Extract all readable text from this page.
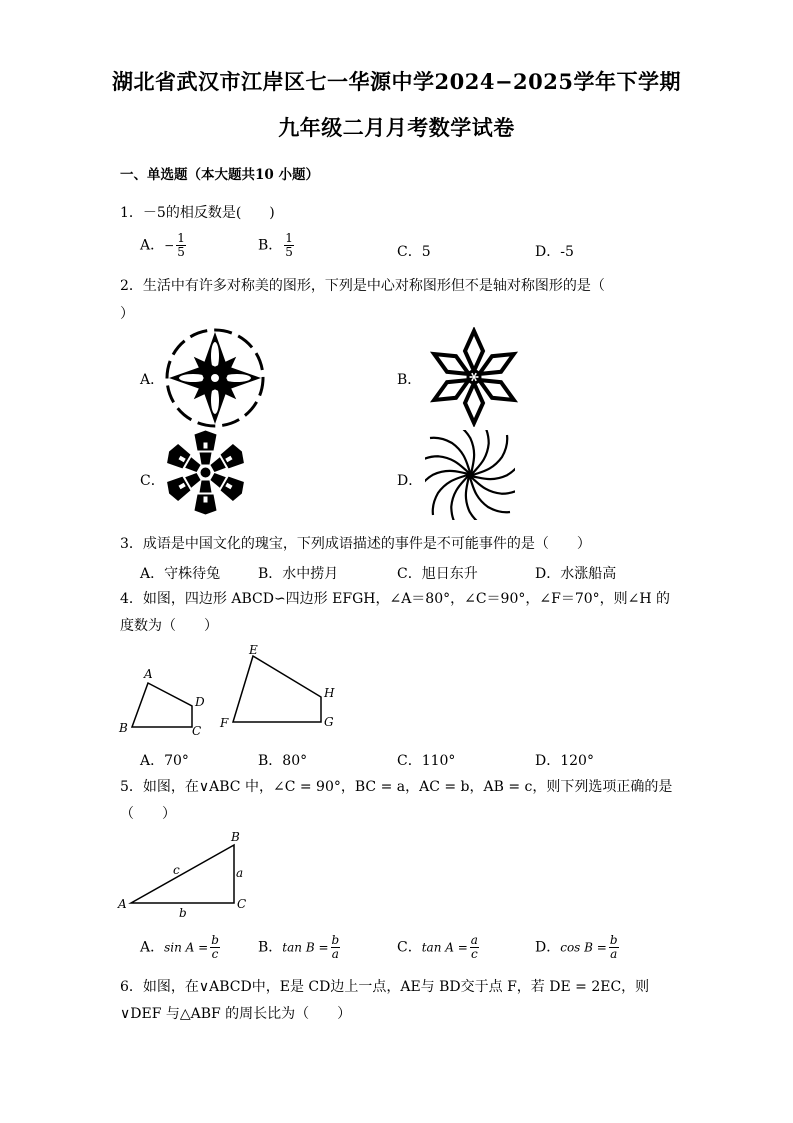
湖北省武汉市江岸区七一华源中学2024−2025学年下学期
九年级二月月考数学试卷
一、单选题（本大题共10 小题）
1．－5的相反数是(　　)
A．− $\frac{1}{5}$	B． $\frac{1}{5}$	C．5	D．-5
2．生活中有许多对称美的图形，下列是中心对称图形但不是轴对称图形的是（
）
A．	B．
C．	D．
3．成语是中国文化的瑰宝，下列成语描述的事件是不可能事件的是（　　）
A．守株待兔	B．水中捞月	C．旭日东升	D．水涨船高
4．如图，四边形 ABCD∽四边形 EFGH，∠A＝80°，∠C＝90°，∠F＝70°，则∠H 的
度数为（　　）
A
B	C
D
E
F	G
H
A．70°	B．80°	C．110°	D．120°
5．如图，在∨ABC 中，∠C = 90°，BC = a，AC = b，AB = c，则下列选项正确的是
（　　）
A
B
C
a
b
c
A．$\sin A = \frac{b}{c}$	B．$\tan B = \frac{b}{a}$	C．$\tan A = \frac{a}{c}$	D．$\cos B = \frac{b}{a}$
6．如图，在∨ABCD中，E是 CD边上一点，AE与 BD交于点 F，若 DE = 2EC，则
∨DEF 与△ABF 的周长比为（　　）
